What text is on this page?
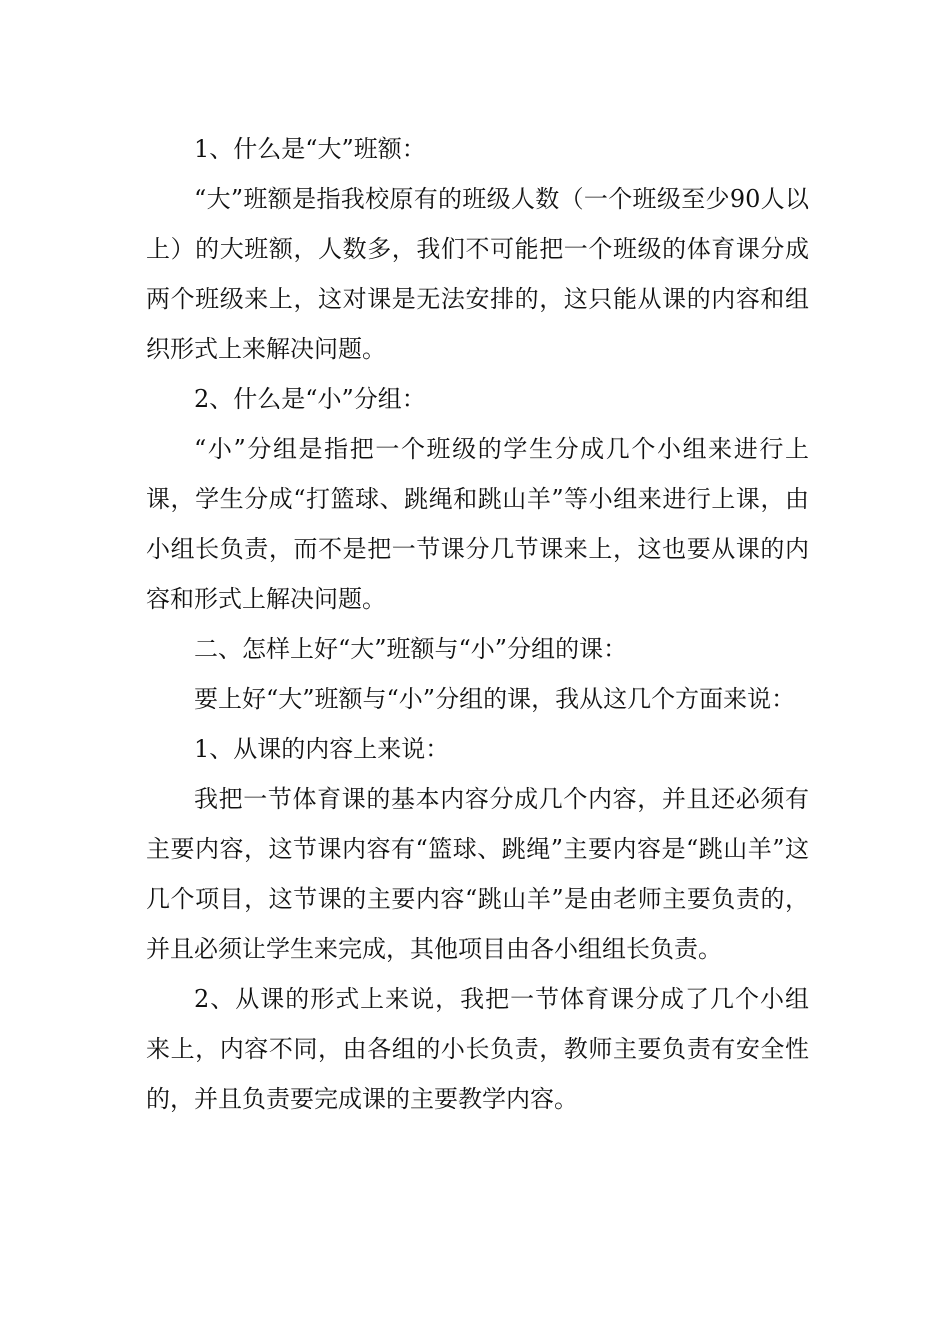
1、什么是“大”班额：

“大”班额是指我校原有的班级人数（一个班级至少90人以上）的大班额，人数多，我们不可能把一个班级的体育课分成两个班级来上，这对课是无法安排的，这只能从课的内容和组织形式上来解决问题。

2、什么是“小”分组：

“小”分组是指把一个班级的学生分成几个小组来进行上课，学生分成“打篮球、跳绳和跳山羊”等小组来进行上课，由小组长负责，而不是把一节课分几节课来上，这也要从课的内容和形式上解决问题。

二、怎样上好“大”班额与“小”分组的课：

要上好“大”班额与“小”分组的课，我从这几个方面来说：

1、从课的内容上来说：

我把一节体育课的基本内容分成几个内容，并且还必须有主要内容，这节课内容有“篮球、跳绳”主要内容是“跳山羊”这几个项目，这节课的主要内容“跳山羊”是由老师主要负责的，并且必须让学生来完成，其他项目由各小组组长负责。

2、从课的形式上来说，我把一节体育课分成了几个小组来上，内容不同，由各组的小长负责，教师主要负责有安全性的，并且负责要完成课的主要教学内容。
